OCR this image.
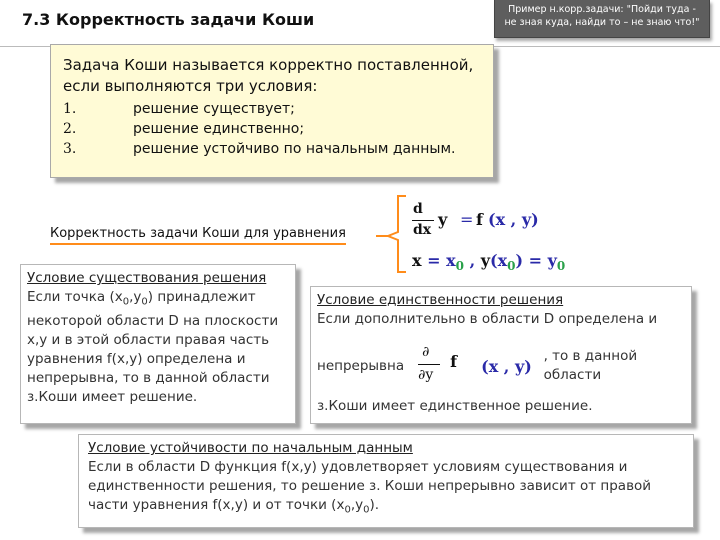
7.3 Корректность задачи Коши
Пример н.корр.задачи: "Пойди туда - не зная куда, найди то – не знаю что!"
Задача Коши называется корректно поставленной, если выполняются три условия:
1.	решение существует;
2.	решение единственно;
3.	решение устойчиво по начальным данным.
Корректность задачи Коши для уравнения
d
dx
y = f (x , y)
$x = x_0$ , $y(x_0) = y_0$
Условие существования решения
Если точка $(x_0,y_0)$ принадлежит некоторой области D на плоскости x,y и в этой области правая часть уравнения f(x,y) определена и непрерывна, то в данной области з.Коши имеет решение.
Условие единственности решения
Если дополнительно в области D определена и
непрерывна
∂
∂y
f (x , y)
, то в данной области
з.Коши имеет единственное решение.
Условие устойчивости по начальным данным
Если в области D функция f(x,y) удовлетворяет условиям существования и единственности решения, то решение з. Коши непрерывно зависит от правой части уравнения f(x,y) и от точки $(x_0,y_0)$.
